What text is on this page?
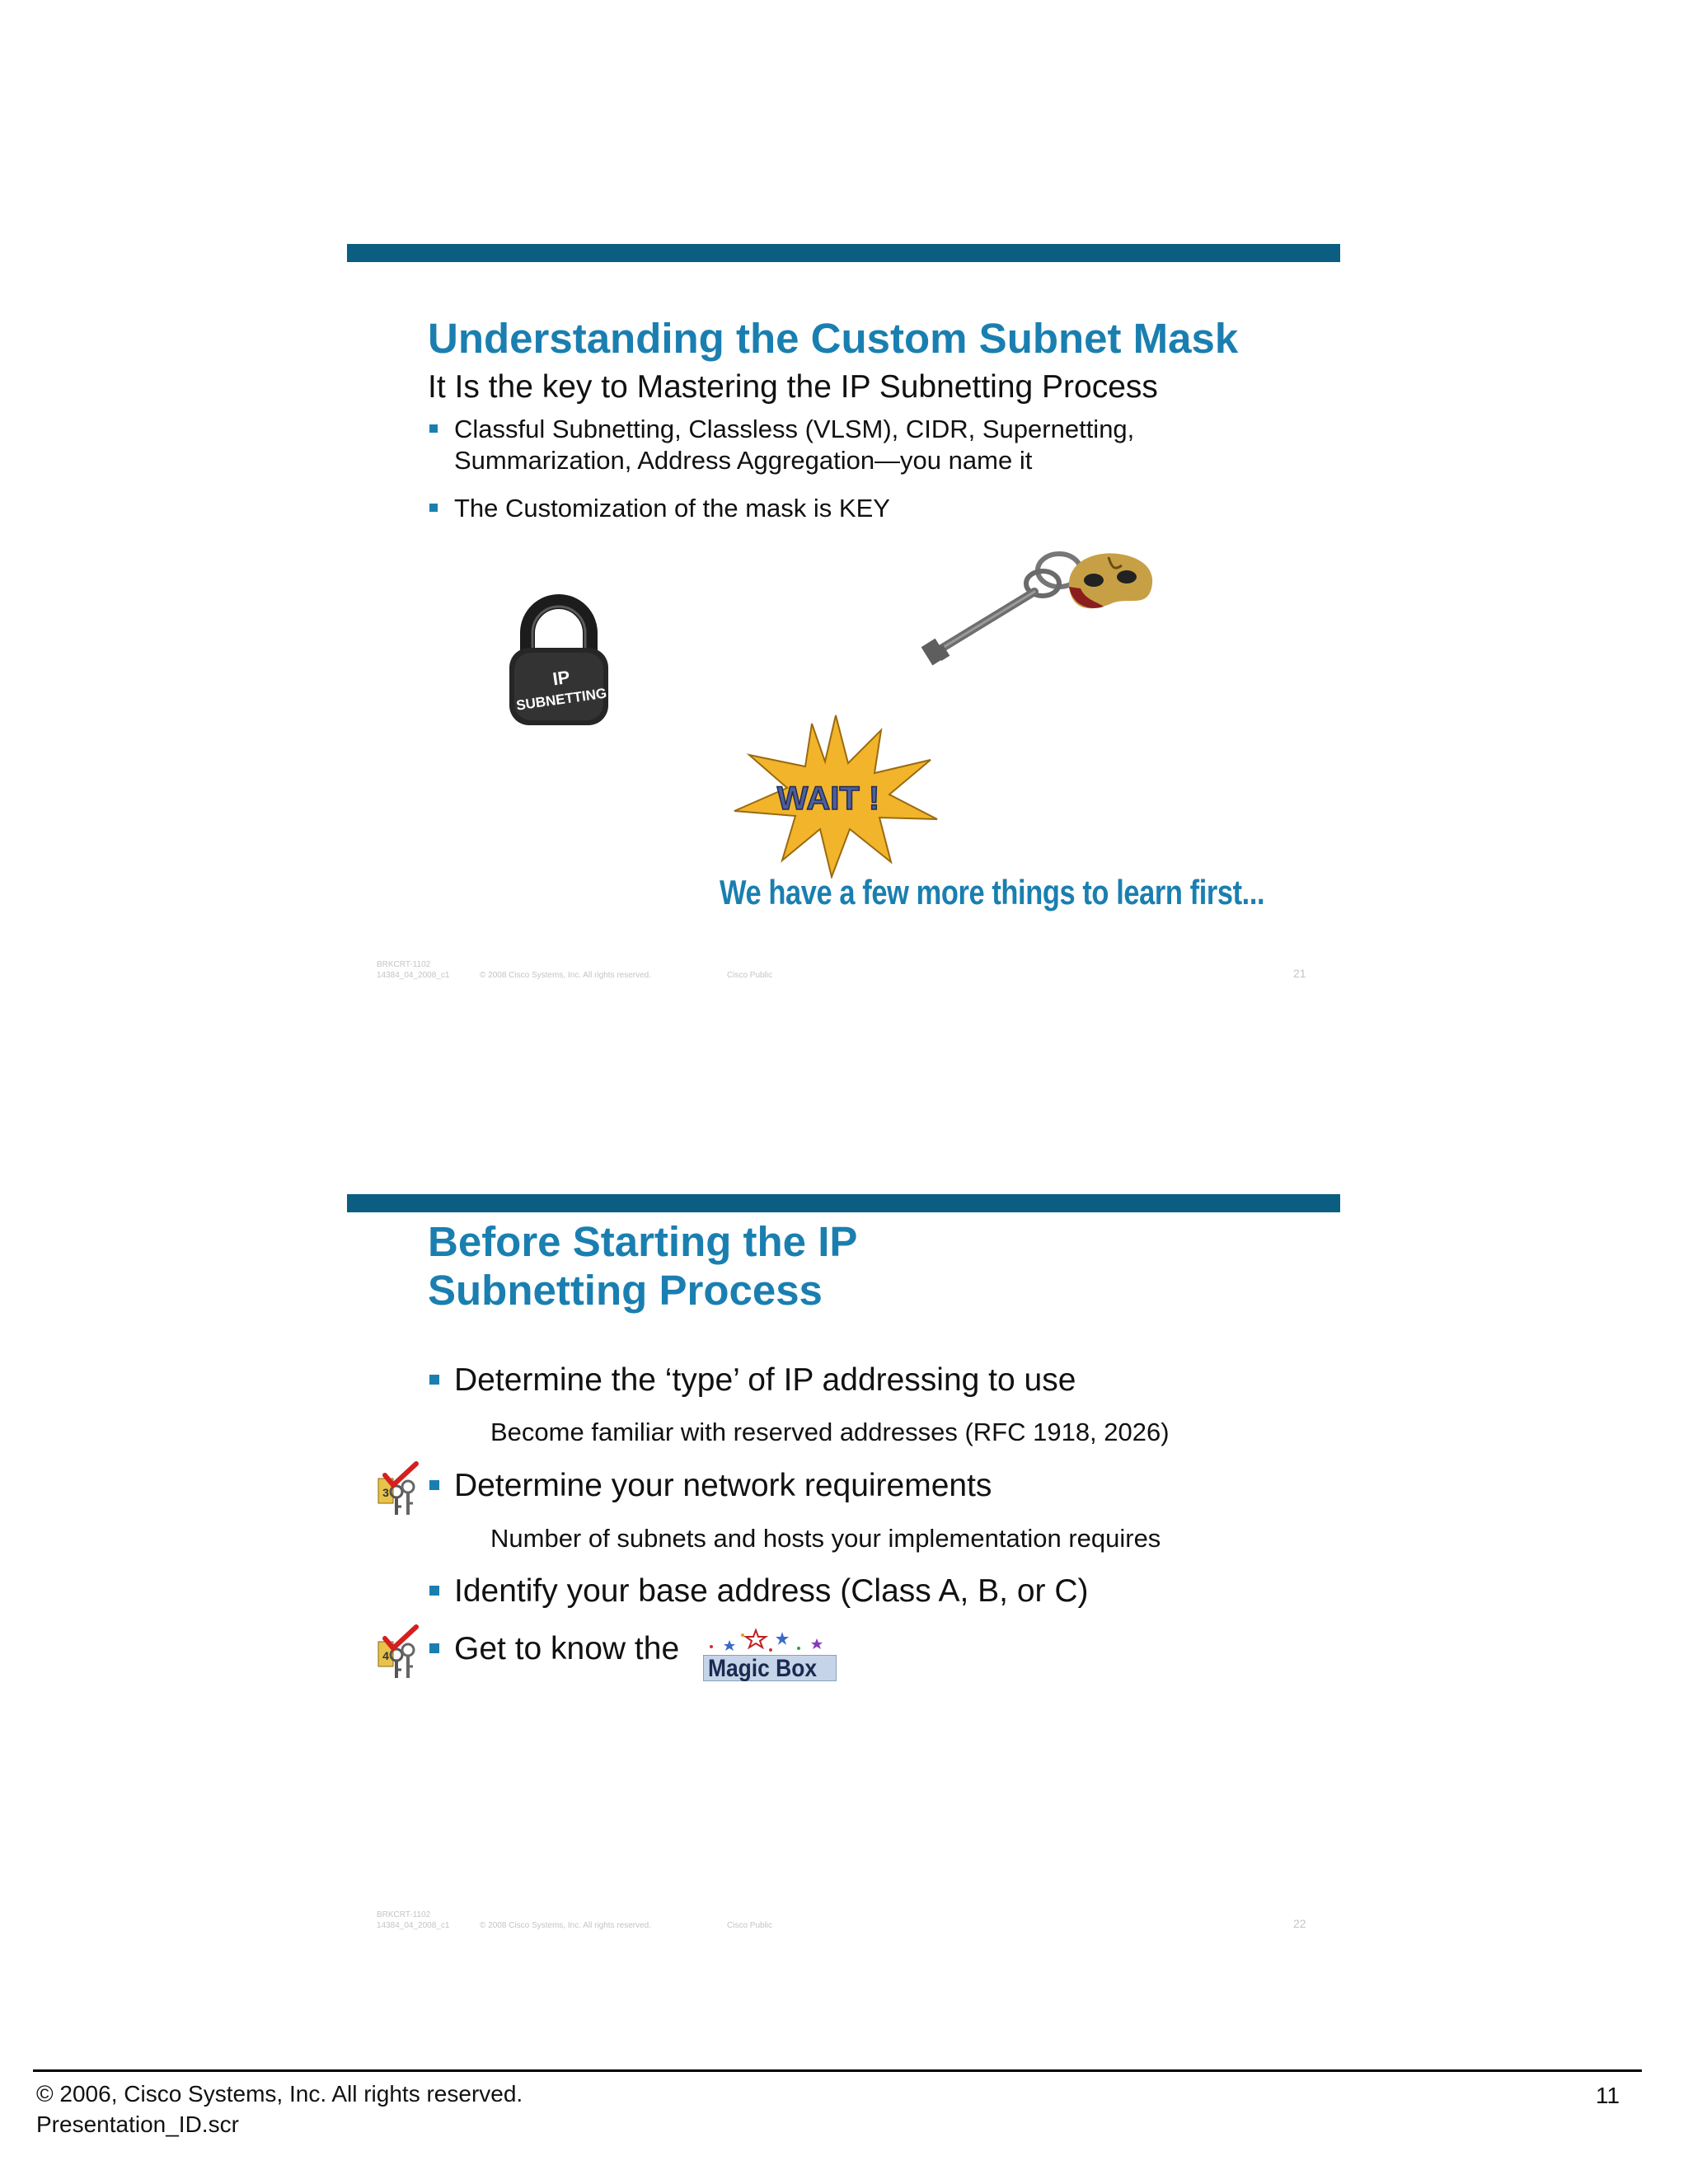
Understanding the Custom Subnet Mask
It Is the key to Mastering the IP Subnetting Process
Classful Subnetting, Classless (VLSM), CIDR, Supernetting,
Summarization, Address Aggregation—you name it
The Customization of the mask is KEY
IP
SUBNETTING
WAIT !
We have a few more things to learn first...
BRKCRT-1102
14384_04_2008_c1	© 2008 Cisco Systems, Inc. All rights reserved.	Cisco Public	21
Before Starting the IP
Subnetting Process
Determine the ‘type’ of IP addressing to use
Become familiar with reserved addresses (RFC 1918, 2026)
3	Determine your network requirements
Number of subnets and hosts your implementation requires
Identify your base address (Class A, B, or C)
4	Get to know the
Magic Box
BRKCRT-1102
14384_04_2008_c1	© 2008 Cisco Systems, Inc. All rights reserved.	Cisco Public	22
© 2006, Cisco Systems, Inc. All rights reserved.
Presentation_ID.scr
11
